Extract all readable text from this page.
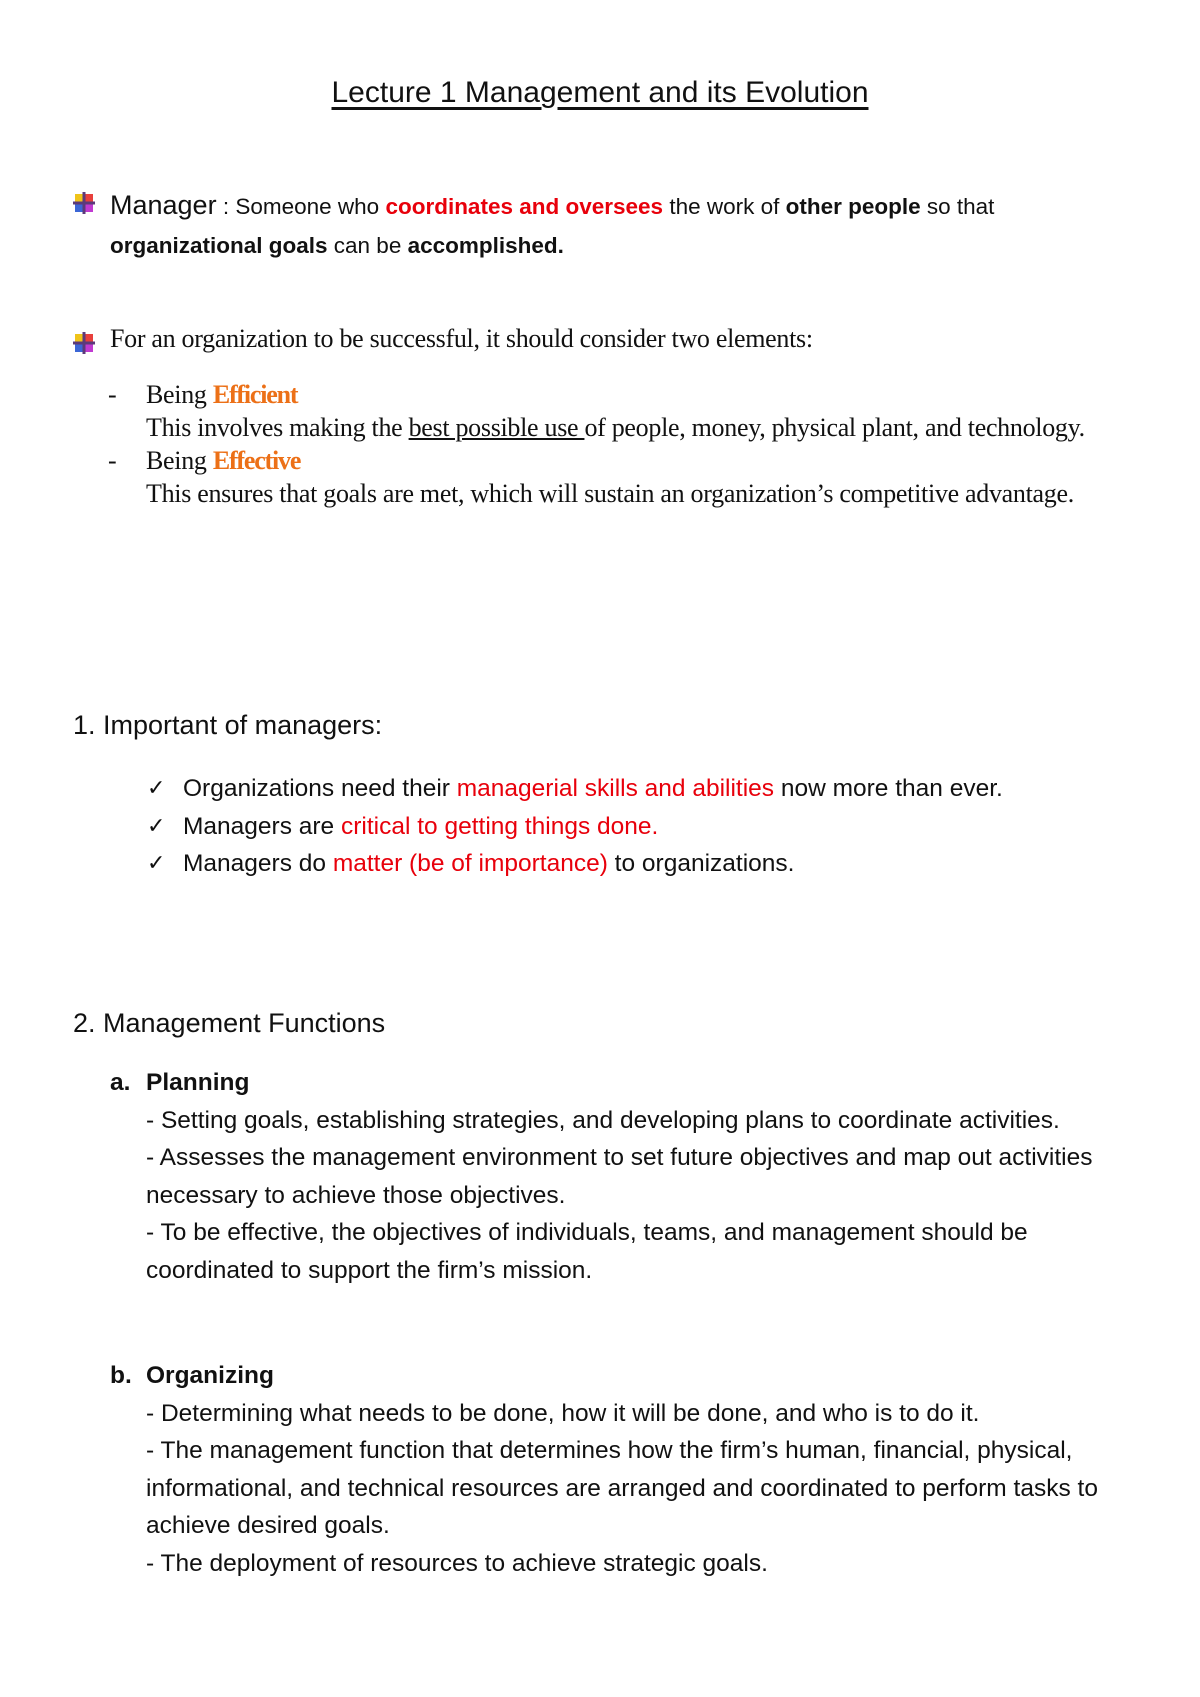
Lecture 1 Management and its Evolution
Manager : Someone who coordinates and oversees the work of other people so that organizational goals can be accomplished.
For an organization to be successful, it should consider two elements:
- Being Efficient
This involves making the best possible use of people, money, physical plant, and technology.
- Being Effective
This ensures that goals are met, which will sustain an organization’s competitive advantage.
1. Important of managers:
✓ Organizations need their managerial skills and abilities now more than ever.
✓ Managers are critical to getting things done.
✓ Managers do matter (be of importance) to organizations.
2. Management Functions
a. Planning
- Setting goals, establishing strategies, and developing plans to coordinate activities.
- Assesses the management environment to set future objectives and map out activities necessary to achieve those objectives.
- To be effective, the objectives of individuals, teams, and management should be coordinated to support the firm’s mission.
b. Organizing
- Determining what needs to be done, how it will be done, and who is to do it.
- The management function that determines how the firm’s human, financial, physical, informational, and technical resources are arranged and coordinated to perform tasks to achieve desired goals.
- The deployment of resources to achieve strategic goals.
